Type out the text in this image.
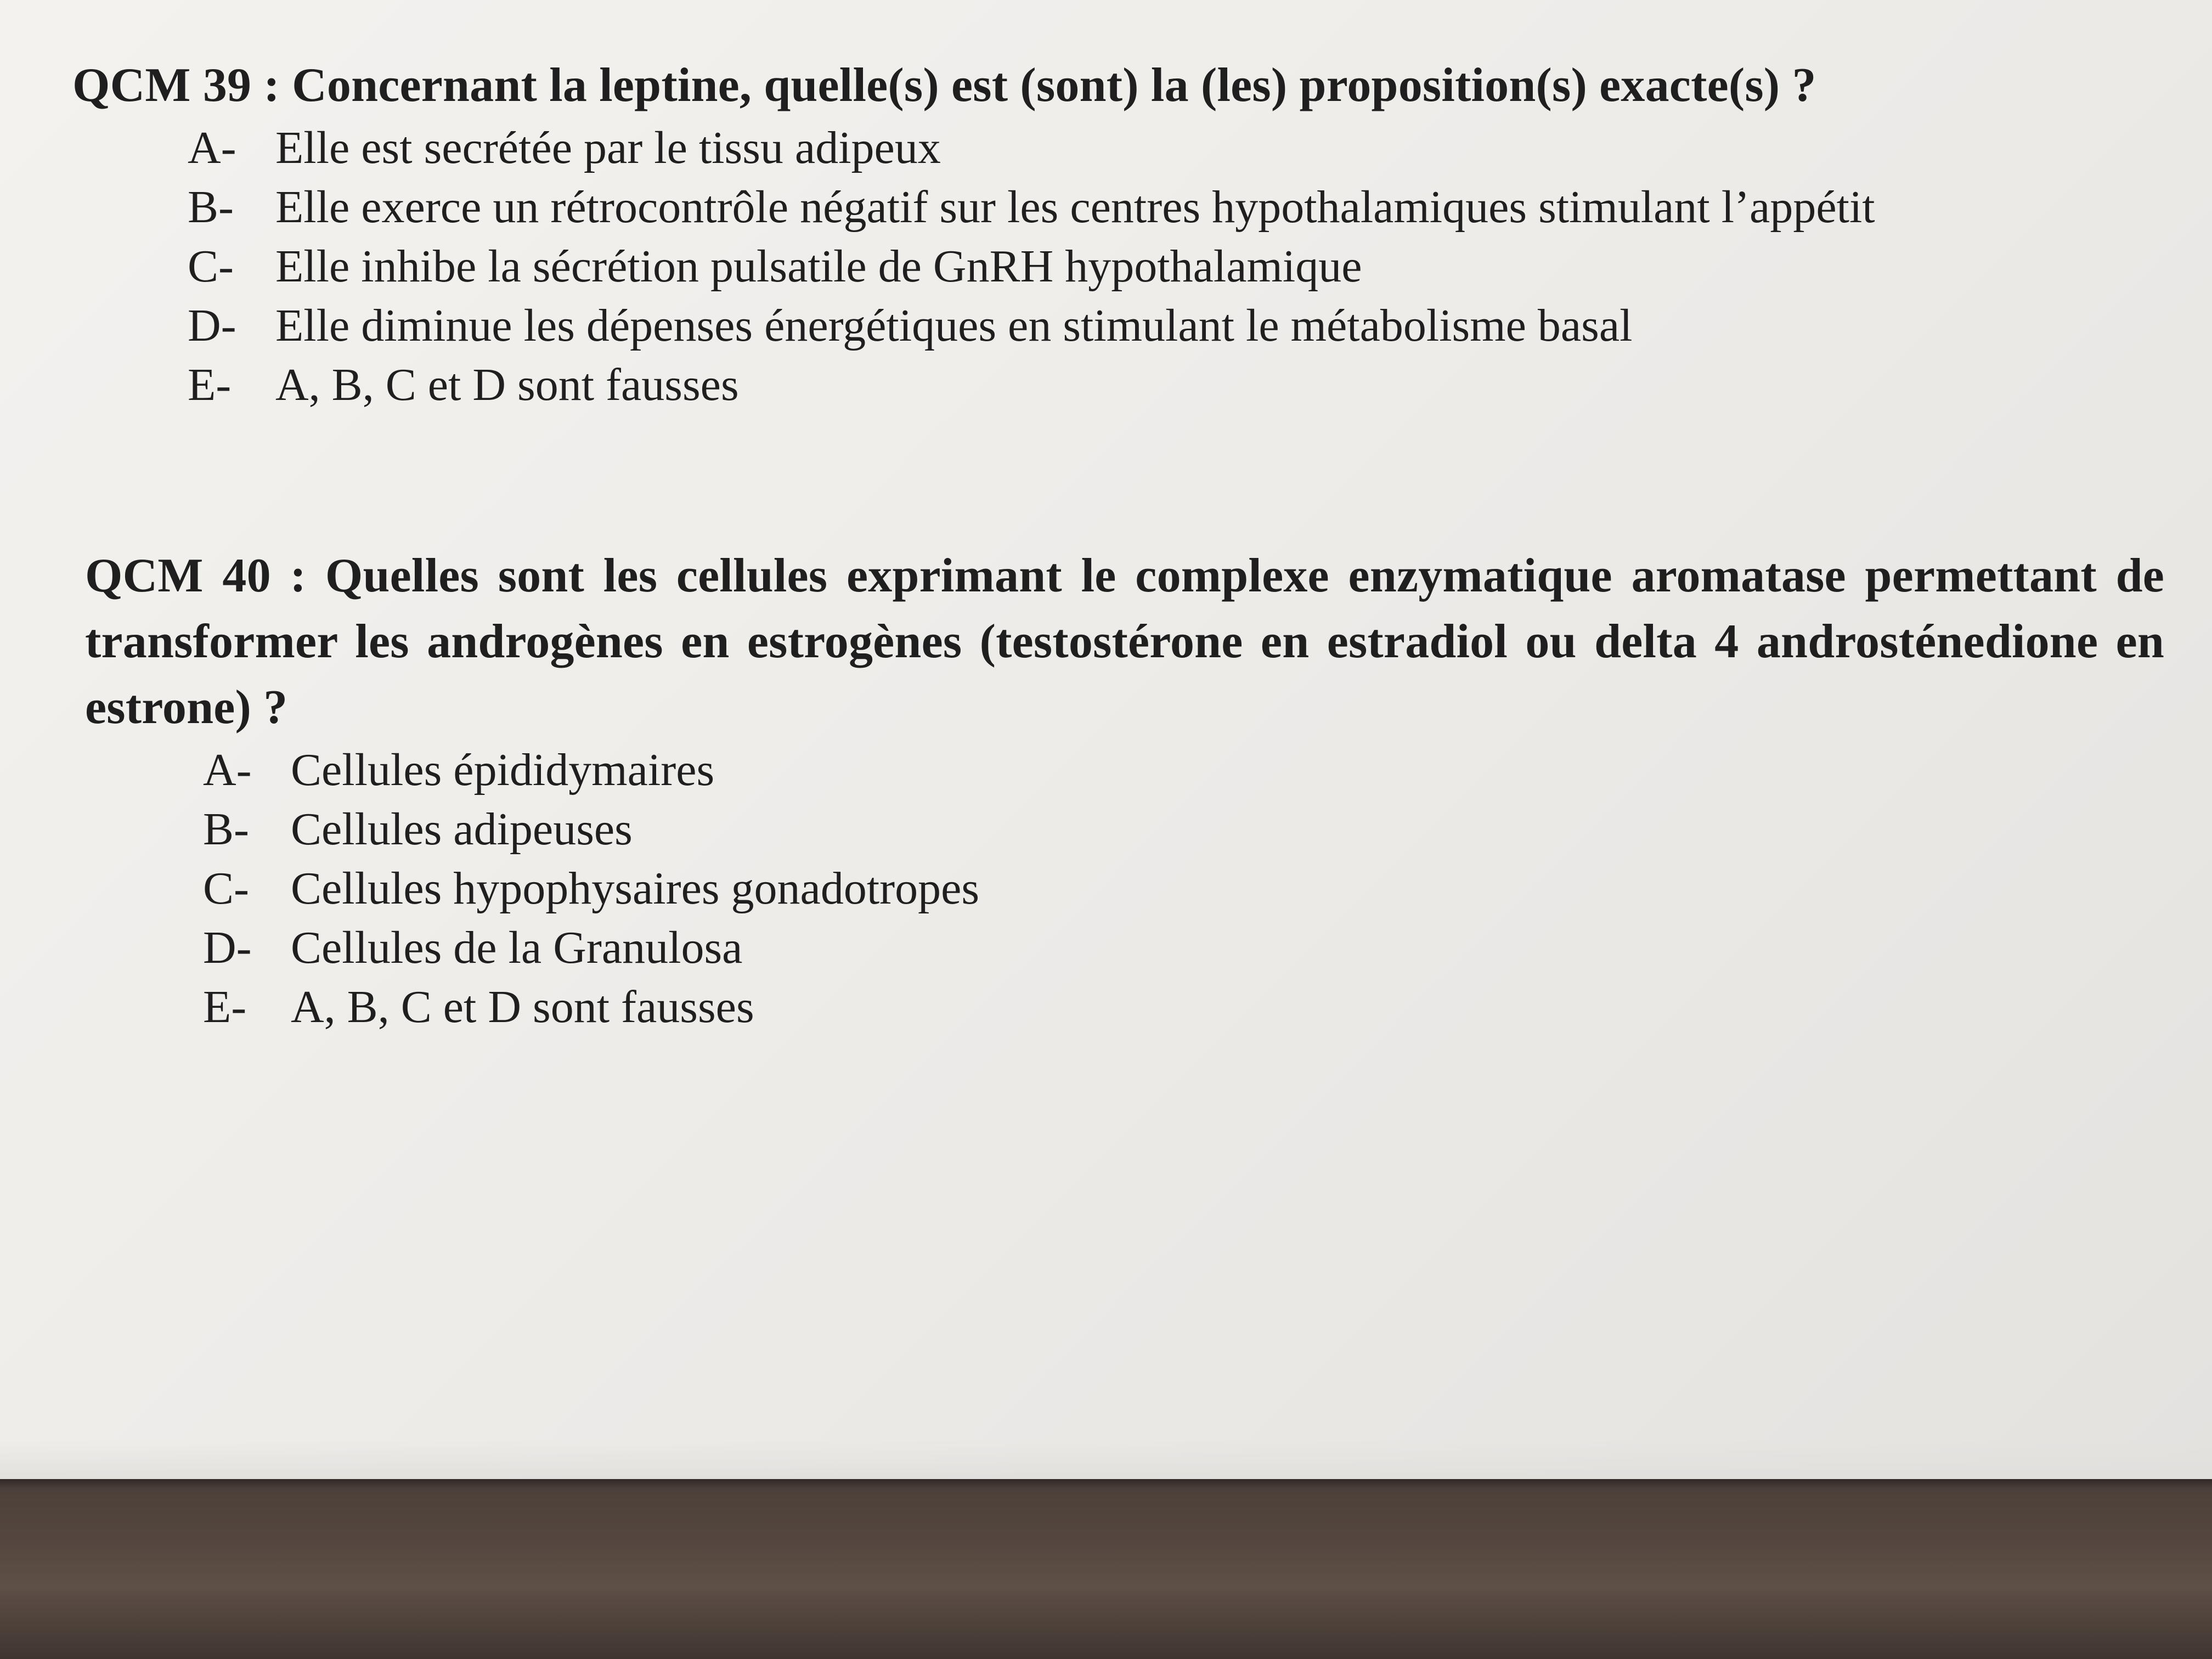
QCM 39 : Concernant la leptine, quelle(s) est (sont) la (les) proposition(s) exacte(s) ?

A- Elle est secrétée par le tissu adipeux
B- Elle exerce un rétrocontrôle négatif sur les centres hypothalamiques stimulant l’appétit
C- Elle inhibe la sécrétion pulsatile de GnRH hypothalamique
D- Elle diminue les dépenses énergétiques en stimulant le métabolisme basal
E- A, B, C et D sont fausses

QCM 40 : Quelles sont les cellules exprimant le complexe enzymatique aromatase permettant de transformer les androgènes en estrogènes (testostérone en estradiol ou delta 4 androsténedione en estrone) ?

A- Cellules épididymaires
B- Cellules adipeuses
C- Cellules hypophysaires gonadotropes
D- Cellules de la Granulosa
E- A, B, C et D sont fausses
